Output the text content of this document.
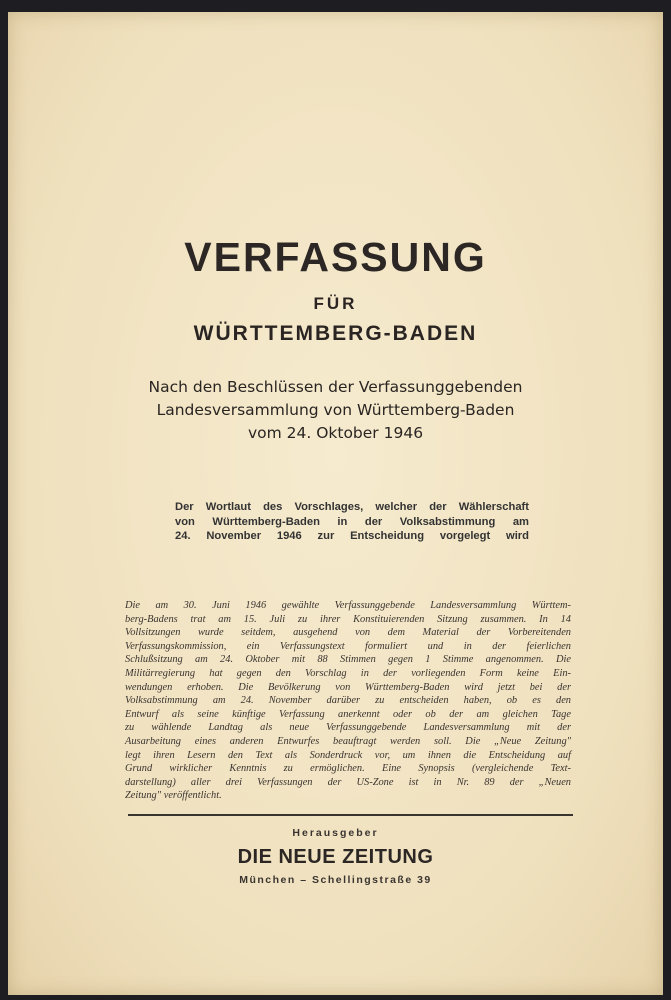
VERFASSUNG
FÜR
WÜRTTEMBERG-BADEN
Nach den Beschlüssen der Verfassunggebenden
Landesversammlung von Württemberg-Baden
vom 24. Oktober 1946
Der Wortlaut des Vorschlages, welcher der Wählerschaft
von Württemberg-Baden in der Volksabstimmung am
24. November 1946 zur Entscheidung vorgelegt wird
Die am 30. Juni 1946 gewählte Verfassunggebende Landesversammlung Württem-
berg-Badens trat am 15. Juli zu ihrer Konstituierenden Sitzung zusammen. In 14
Vollsitzungen wurde seitdem, ausgehend von dem Material der Vorbereitenden
Verfassungskommission, ein Verfassungstext formuliert und in der feierlichen
Schlußsitzung am 24. Oktober mit 88 Stimmen gegen 1 Stimme angenommen. Die
Militärregierung hat gegen den Vorschlag in der vorliegenden Form keine Ein-
wendungen erhoben. Die Bevölkerung von Württemberg-Baden wird jetzt bei der
Volksabstimmung am 24. November darüber zu entscheiden haben, ob es den
Entwurf als seine künftige Verfassung anerkennt oder ob der am gleichen Tage
zu wählende Landtag als neue Verfassunggebende Landesversammlung mit der
Ausarbeitung eines anderen Entwurfes beauftragt werden soll. Die „Neue Zeitung"
legt ihren Lesern den Text als Sonderdruck vor, um ihnen die Entscheidung auf
Grund wirklicher Kenntnis zu ermöglichen. Eine Synopsis (vergleichende Text-
darstellung) aller drei Verfassungen der US-Zone ist in Nr. 89 der „Neuen
Zeitung" veröffentlicht.
Herausgeber
DIE NEUE ZEITUNG
München – Schellingstraße 39
